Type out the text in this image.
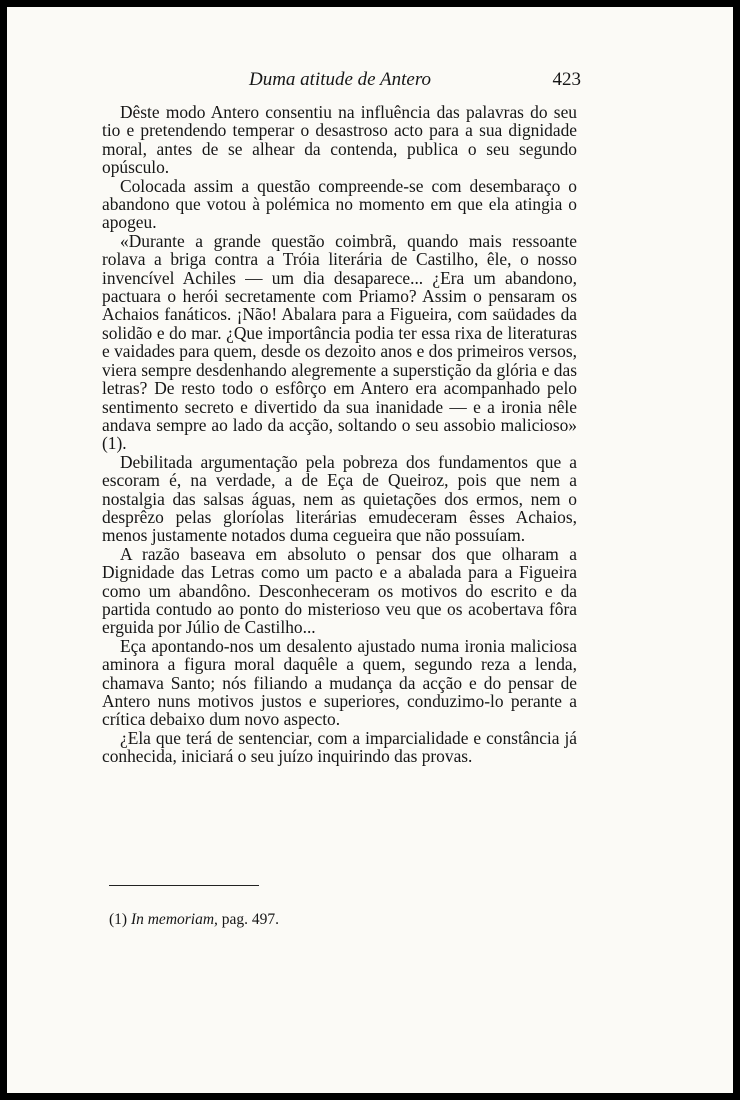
Duma atitude de Antero	423

Dêste modo Antero consentiu na influência das palavras do seu tio e pretendendo temperar o desastroso acto para a sua dignidade moral, antes de se alhear da contenda, publica o seu segundo opúsculo.

Colocada assim a questão compreende-se com desembaraço o abandono que votou à polémica no momento em que ela atingia o apogeu.

«Durante a grande questão coimbrã, quando mais ressoante rolava a briga contra a Tróia literária de Castilho, êle, o nosso invencível Achiles — um dia desaparece... ¿Era um abandono, pactuara o herói secretamente com Priamo? Assim o pensaram os Achaios fanáticos. ¡Não! Abalara para a Figueira, com saüdades da solidão e do mar. ¿Que importância podia ter essa rixa de literaturas e vaidades para quem, desde os dezoito anos e dos primeiros versos, viera sempre desdenhando alegremente a superstição da glória e das letras? De resto todo o esfôrço em Antero era acompanhado pelo sentimento secreto e divertido da sua inanidade — e a ironia nêle andava sempre ao lado da acção, soltando o seu assobio malicioso» (1).

Debilitada argumentação pela pobreza dos fundamentos que a escoram é, na verdade, a de Eça de Queiroz, pois que nem a nostalgia das salsas águas, nem as quietações dos ermos, nem o desprêzo pelas gloríolas literárias emudeceram êsses Achaios, menos justamente notados duma cegueira que não possuíam.

A razão baseava em absoluto o pensar dos que olharam a Dignidade das Letras como um pacto e a abalada para a Figueira como um abandôno. Desconheceram os motivos do escrito e da partida contudo ao ponto do misterioso veu que os acobertava fôra erguida por Júlio de Castilho...

Eça apontando-nos um desalento ajustado numa ironia maliciosa aminora a figura moral daquêle a quem, segundo reza a lenda, chamava Santo; nós filiando a mudança da acção e do pensar de Antero nuns motivos justos e superiores, conduzimo-lo perante a crítica debaixo dum novo aspecto.

¿Ela que terá de sentenciar, com a imparcialidade e constância já conhecida, iniciará o seu juízo inquirindo das provas.

(1) In memoriam, pag. 497.
